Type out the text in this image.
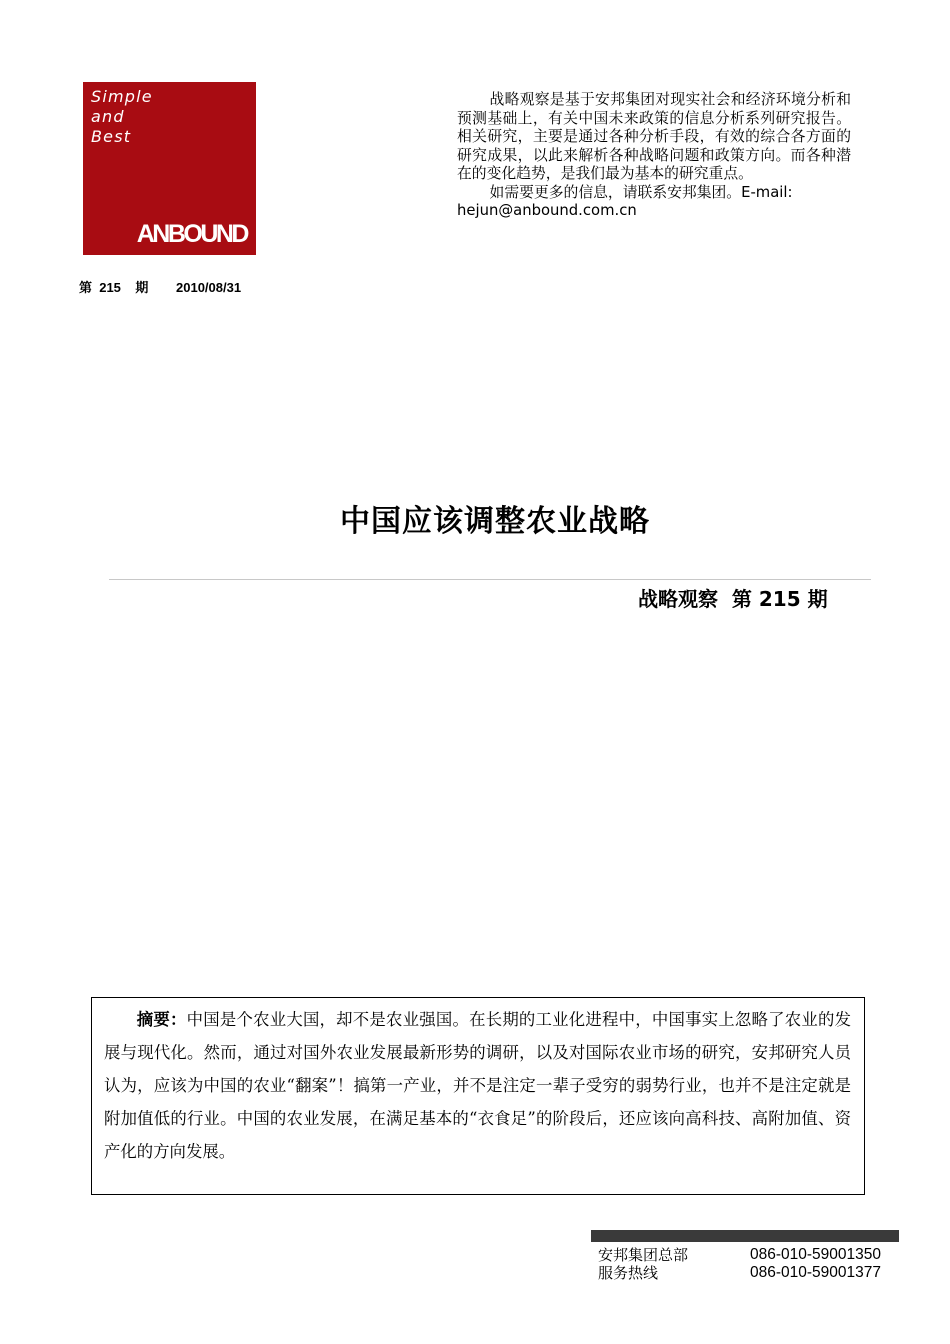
Simple
and
Best
ANBOUND

战略观察是基于安邦集团对现实社会和经济环境分析和预测基础上，有关中国未来政策的信息分析系列研究报告。相关研究，主要是通过各种分析手段，有效的综合各方面的研究成果，以此来解析各种战略问题和政策方向。而各种潜在的变化趋势，是我们最为基本的研究重点。

如需要更多的信息，请联系安邦集团。E-mail:

hejun@anbound.com.cn

第  215    期 2010/08/31
中国应该调整农业战略
战略观察  第 215 期

摘要：中国是个农业大国，却不是农业强国。在长期的工业化进程中，中国事实上忽略了农业的发展与现代化。然而，通过对国外农业发展最新形势的调研，以及对国际农业市场的研究，安邦研究人员认为，应该为中国的农业“翻案”！搞第一产业，并不是注定一辈子受穷的弱势行业，也并不是注定就是附加值低的行业。中国的农业发展，在满足基本的“衣食足”的阶段后，还应该向高科技、高附加值、资产化的方向发展。

安邦集团总部
服务热线
086-010-59001350
086-010-59001377
